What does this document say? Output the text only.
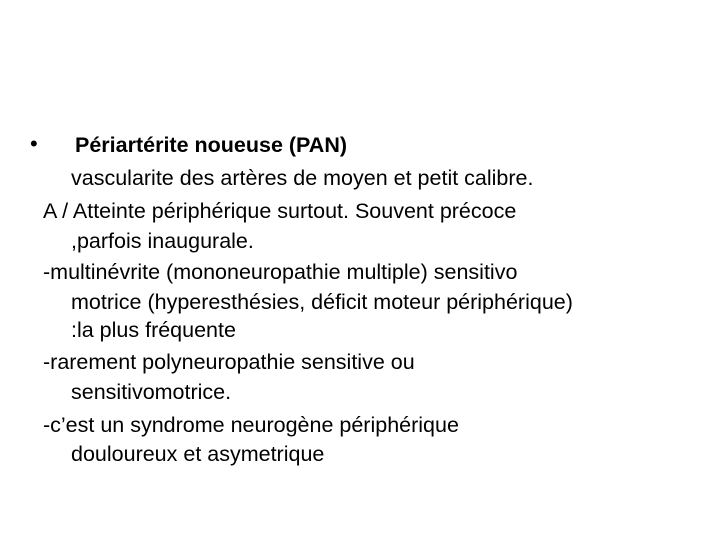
• Périartérite noueuse (PAN)
vascularite des artères de moyen et petit calibre.
A / Atteinte périphérique surtout. Souvent précoce
,parfois inaugurale.
-multinévrite (mononeuropathie multiple) sensitivo
motrice (hyperesthésies, déficit moteur périphérique)
:la plus fréquente
-rarement polyneuropathie sensitive ou
sensitivomotrice.
-c’est un syndrome neurogène périphérique
douloureux et asymetrique
